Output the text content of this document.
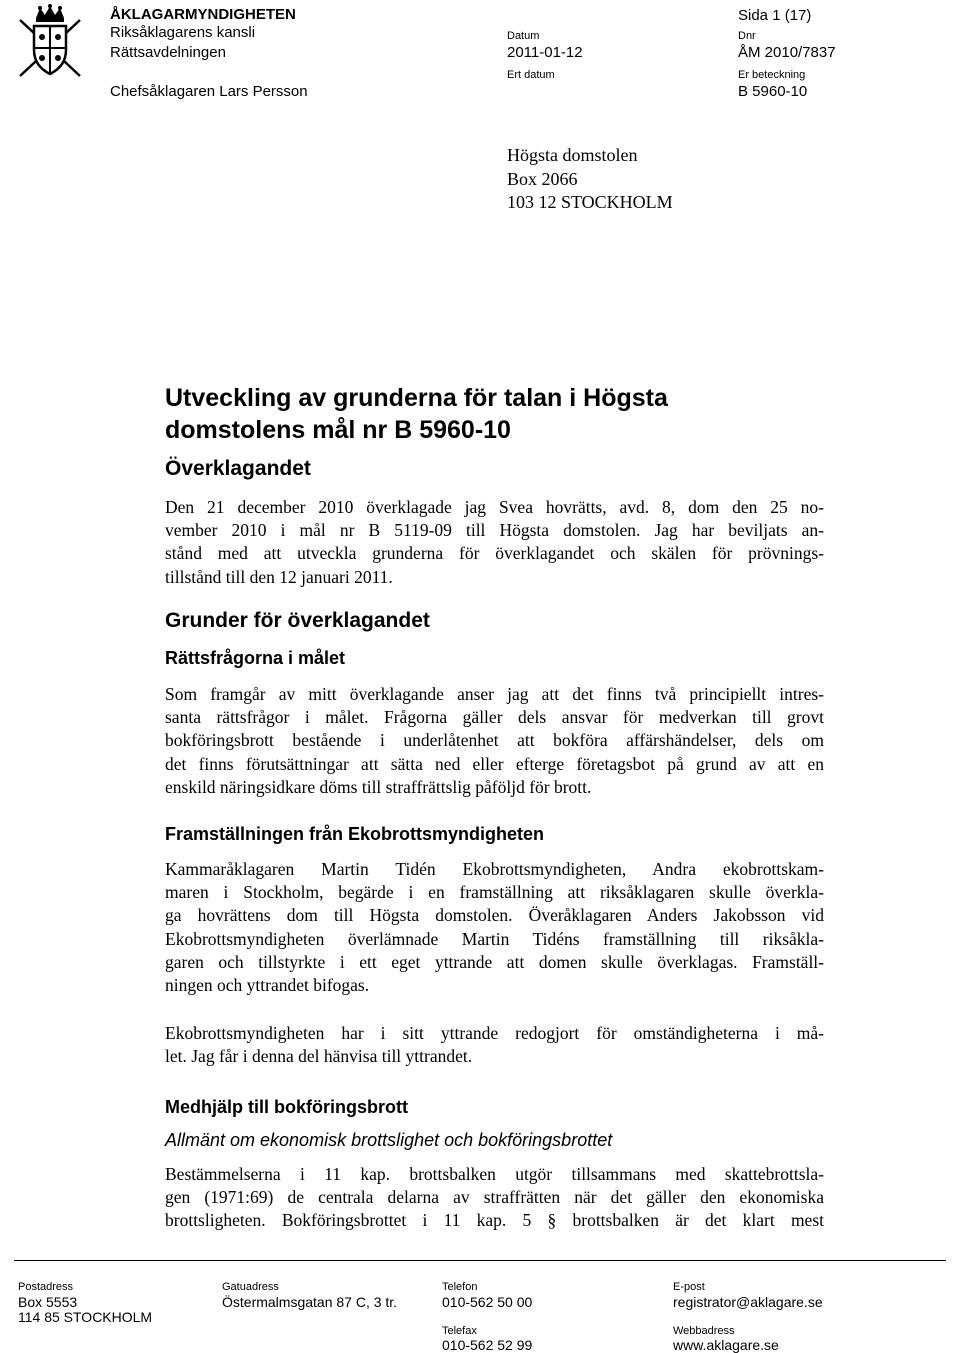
ÅKLAGARMYNDIGHETEN
Riksåklagarens kansli
Rättsavdelningen
Chefsåklagaren Lars Persson
Datum
2011-01-12
Ert datum
Sida 1 (17)
Dnr
ÅM 2010/7837
Er beteckning
B 5960-10
Högsta domstolen
Box 2066
103 12 STOCKHOLM
Utveckling av grunderna för talan i Högsta
domstolens mål nr B 5960-10
Överklagandet
Den 21 december 2010 överklagade jag Svea hovrätts, avd. 8, dom den 25 no-
vember 2010 i mål nr B 5119-09 till Högsta domstolen. Jag har beviljats an-
stånd med att utveckla grunderna för överklagandet och skälen för prövnings-
tillstånd till den 12 januari 2011.
Grunder för överklagandet
Rättsfrågorna i målet
Som framgår av mitt överklagande anser jag att det finns två principiellt intres-
santa rättsfrågor i målet. Frågorna gäller dels ansvar för medverkan till grovt
bokföringsbrott bestående i underlåtenhet att bokföra affärshändelser, dels om
det finns förutsättningar att sätta ned eller efterge företagsbot på grund av att en
enskild näringsidkare döms till straffrättslig påföljd för brott.
Framställningen från Ekobrottsmyndigheten
Kammaråklagaren Martin Tidén Ekobrottsmyndigheten, Andra ekobrottskam-
maren i Stockholm, begärde i en framställning att riksåklagaren skulle överkla-
ga hovrättens dom till Högsta domstolen. Överåklagaren Anders Jakobsson vid
Ekobrottsmyndigheten överlämnade Martin Tidéns framställning till riksåkla-
garen och tillstyrkte i ett eget yttrande att domen skulle överklagas. Framställ-
ningen och yttrandet bifogas.
Ekobrottsmyndigheten har i sitt yttrande redogjort för omständigheterna i må-
let. Jag får i denna del hänvisa till yttrandet.
Medhjälp till bokföringsbrott
Allmänt om ekonomisk brottslighet och bokföringsbrottet
Bestämmelserna i 11 kap. brottsbalken utgör tillsammans med skattebrottsla-
gen (1971:69) de centrala delarna av straffrätten när det gäller den ekonomiska
brottsligheten. Bokföringsbrottet i 11 kap. 5 § brottsbalken är det klart mest
Postadress
Box 5553
114 85 STOCKHOLM
Gatuadress
Östermalmsgatan 87 C, 3 tr.
Telefon
010-562 50 00
Telefax
010-562 52 99
E-post
registrator@aklagare.se
Webbadress
www.aklagare.se
